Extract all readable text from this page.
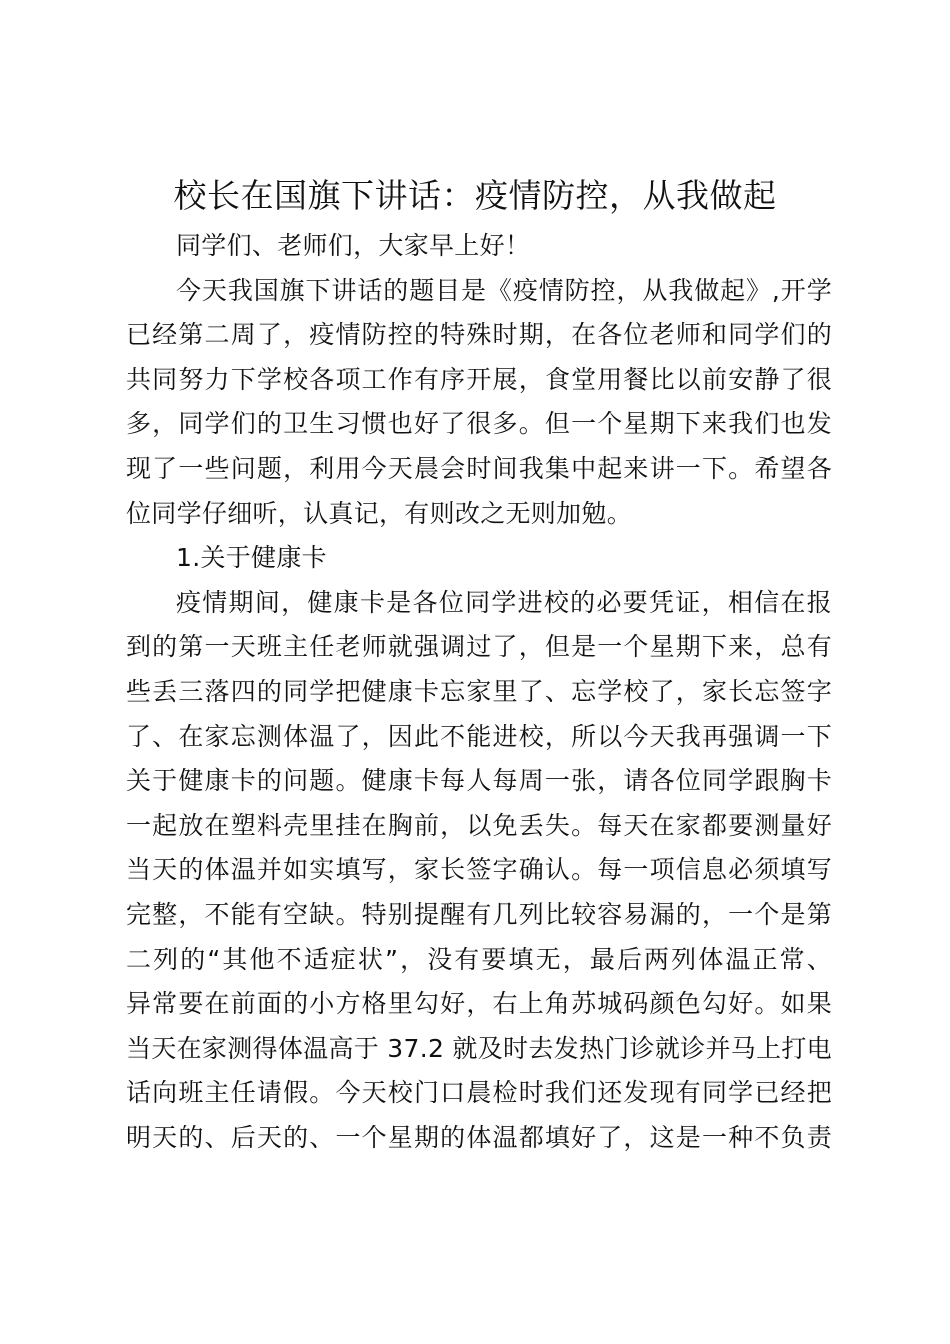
校长在国旗下讲话：疫情防控，从我做起
同学们、老师们，大家早上好！
今天我国旗下讲话的题目是《疫情防控，从我做起》,开学
已经第二周了，疫情防控的特殊时期，在各位老师和同学们的
共同努力下学校各项工作有序开展，食堂用餐比以前安静了很
多，同学们的卫生习惯也好了很多。但一个星期下来我们也发
现了一些问题，利用今天晨会时间我集中起来讲一下。希望各
位同学仔细听，认真记，有则改之无则加勉。
1.关于健康卡
疫情期间，健康卡是各位同学进校的必要凭证，相信在报
到的第一天班主任老师就强调过了，但是一个星期下来，总有
些丢三落四的同学把健康卡忘家里了、忘学校了，家长忘签字
了、在家忘测体温了，因此不能进校，所以今天我再强调一下
关于健康卡的问题。健康卡每人每周一张，请各位同学跟胸卡
一起放在塑料壳里挂在胸前，以免丢失。每天在家都要测量好
当天的体温并如实填写，家长签字确认。每一项信息必须填写
完整，不能有空缺。特别提醒有几列比较容易漏的，一个是第
二列的“其他不适症状”，没有要填无，最后两列体温正常、
异常要在前面的小方格里勾好，右上角苏城码颜色勾好。如果
当天在家测得体温高于 37.2 就及时去发热门诊就诊并马上打电
话向班主任请假。今天校门口晨检时我们还发现有同学已经把
明天的、后天的、一个星期的体温都填好了，这是一种不负责
